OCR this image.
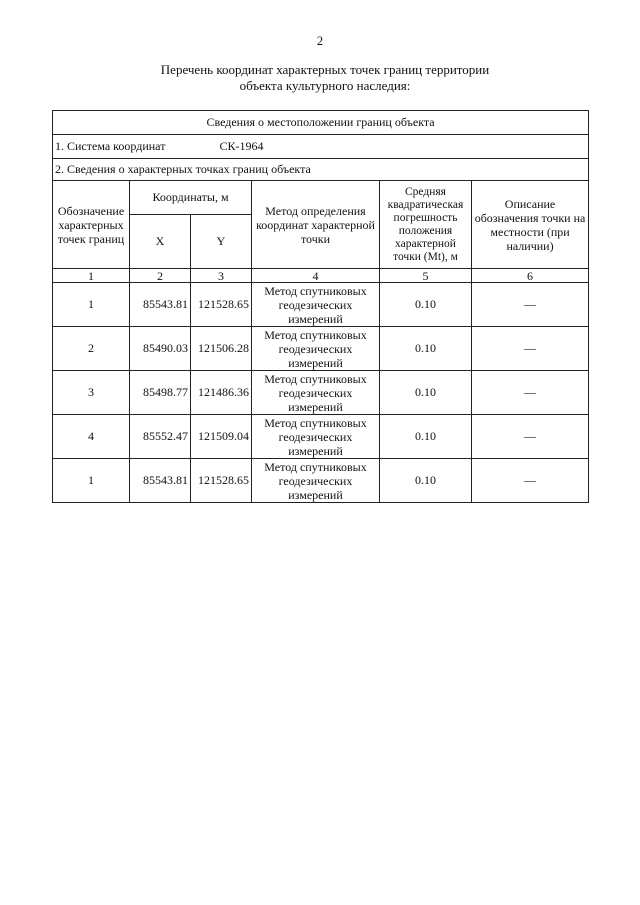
2
Перечень координат характерных точек границ территории
объекта культурного наследия:
Сведения о местоположении границ объекта					
1. Система координат СК-1964					
2. Сведения о характерных точках границ объекта					
Обозначение характерных точек границ	Координаты, м		Метод определения координат характерной точки	Средняя квадратическая погрешность положения характерной точки (Mt), м	Описание обозначения точки на местности (при наличии)
	X	Y			
1	2	3	4	5	6
1	85543.81	121528.65	Метод спутниковых геодезических измерений	0.10	—
2	85490.03	121506.28	Метод спутниковых геодезических измерений	0.10	—
3	85498.77	121486.36	Метод спутниковых геодезических измерений	0.10	—
4	85552.47	121509.04	Метод спутниковых геодезических измерений	0.10	—
1	85543.81	121528.65	Метод спутниковых геодезических измерений	0.10	—
